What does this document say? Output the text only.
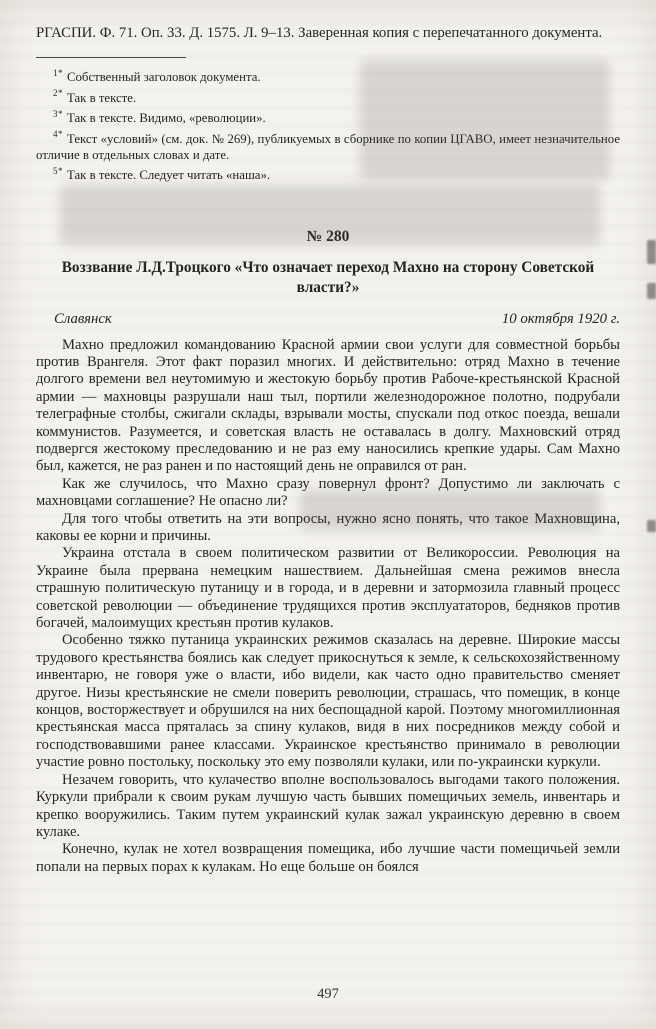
РГАСПИ. Ф. 71. Оп. 33. Д. 1575. Л. 9–13. Заверенная копия с перепечатанного документа.

$^{1*}$ Собственный заголовок документа.

$^{2*}$ Так в тексте.

$^{3*}$ Так в тексте. Видимо, «революции».

$^{4*}$ Текст «условий» (см. док. № 269), публикуемых в сборнике по копии ЦГАВО, имеет незначительное отличие в отдельных словах и дате.

$^{5*}$ Так в тексте. Следует читать «наша».

№ 280
Воззвание Л.Д.Троцкого «Что означает переход Махно на сторону Советской власти?»
Славянск	10 октября 1920 г.

Махно предложил командованию Красной армии свои услуги для совместной борьбы против Врангеля. Этот факт поразил многих. И действительно: отряд Махно в течение долгого времени вел неутомимую и жестокую борьбу против Рабоче-крестьянской Красной армии — махновцы разрушали наш тыл, портили железнодорожное полотно, подрубали телеграфные столбы, сжигали склады, взрывали мосты, спускали под откос поезда, вешали коммунистов. Разумеется, и советская власть не оставалась в долгу. Махновский отряд подвергся жестокому преследованию и не раз ему наносились крепкие удары. Сам Махно был, кажется, не раз ранен и по настоящий день не оправился от ран.

Как же случилось, что Махно сразу повернул фронт? Допустимо ли заключать с махновцами соглашение? Не опасно ли?

Для того чтобы ответить на эти вопросы, нужно ясно понять, что такое Махновщина, каковы ее корни и причины.

Украина отстала в своем политическом развитии от Великороссии. Революция на Украине была прервана немецким нашествием. Дальнейшая смена режимов внесла страшную политическую путаницу и в города, и в деревни и затормозила главный процесс советской революции — объединение трудящихся против эксплуататоров, бедняков против богачей, малоимущих крестьян против кулаков.

Особенно тяжко путаница украинских режимов сказалась на деревне. Широкие массы трудового крестьянства боялись как следует прикоснуться к земле, к сельскохозяйственному инвентарю, не говоря уже о власти, ибо видели, как часто одно правительство сменяет другое. Низы крестьянские не смели поверить революции, страшась, что помещик, в конце концов, восторжествует и обрушился на них беспощадной карой. Поэтому многомиллионная крестьянская масса пряталась за спину кулаков, видя в них посредников между собой и господствовавшими ранее классами. Украинское крестьянство принимало в революции участие ровно постольку, поскольку это ему позволяли кулаки, или по-украински куркули.

Незачем говорить, что кулачество вполне воспользовалось выгодами такого положения. Куркули прибрали к своим рукам лучшую часть бывших помещичьих земель, инвентарь и крепко вооружились. Таким путем украинский кулак зажал украинскую деревню в своем кулаке.

Конечно, кулак не хотел возвращения помещика, ибо лучшие части помещичьей земли попали на первых порах к кулакам. Но еще больше он боялся

497
